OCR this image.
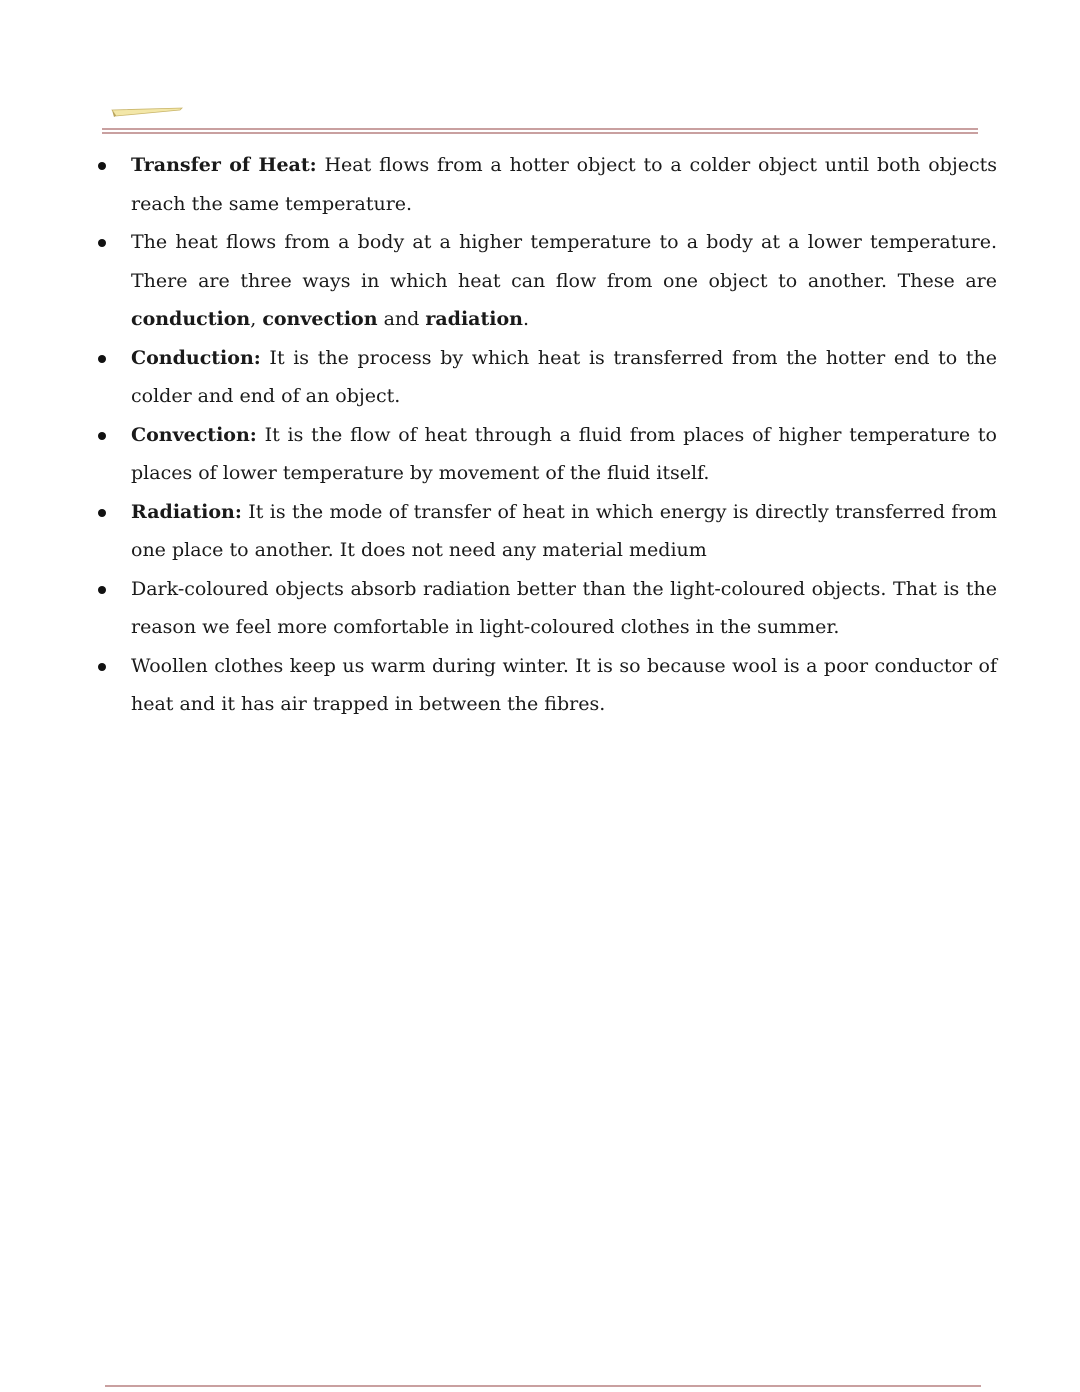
Transfer of Heat: Heat flows from a hotter object to a colder object until both objects reach the same temperature.
The heat flows from a body at a higher temperature to a body at a lower temperature. There are three ways in which heat can flow from one object to another. These are conduction, convection and radiation.
Conduction: It is the process by which heat is transferred from the hotter end to the colder and end of an object.
Convection: It is the flow of heat through a fluid from places of higher temperature to places of lower temperature by movement of the fluid itself.
Radiation: It is the mode of transfer of heat in which energy is directly transferred from one place to another. It does not need any material medium
Dark-coloured objects absorb radiation better than the light-coloured objects. That is the reason we feel more comfortable in light-coloured clothes in the summer.
Woollen clothes keep us warm during winter. It is so because wool is a poor conductor of heat and it has air trapped in between the fibres.
